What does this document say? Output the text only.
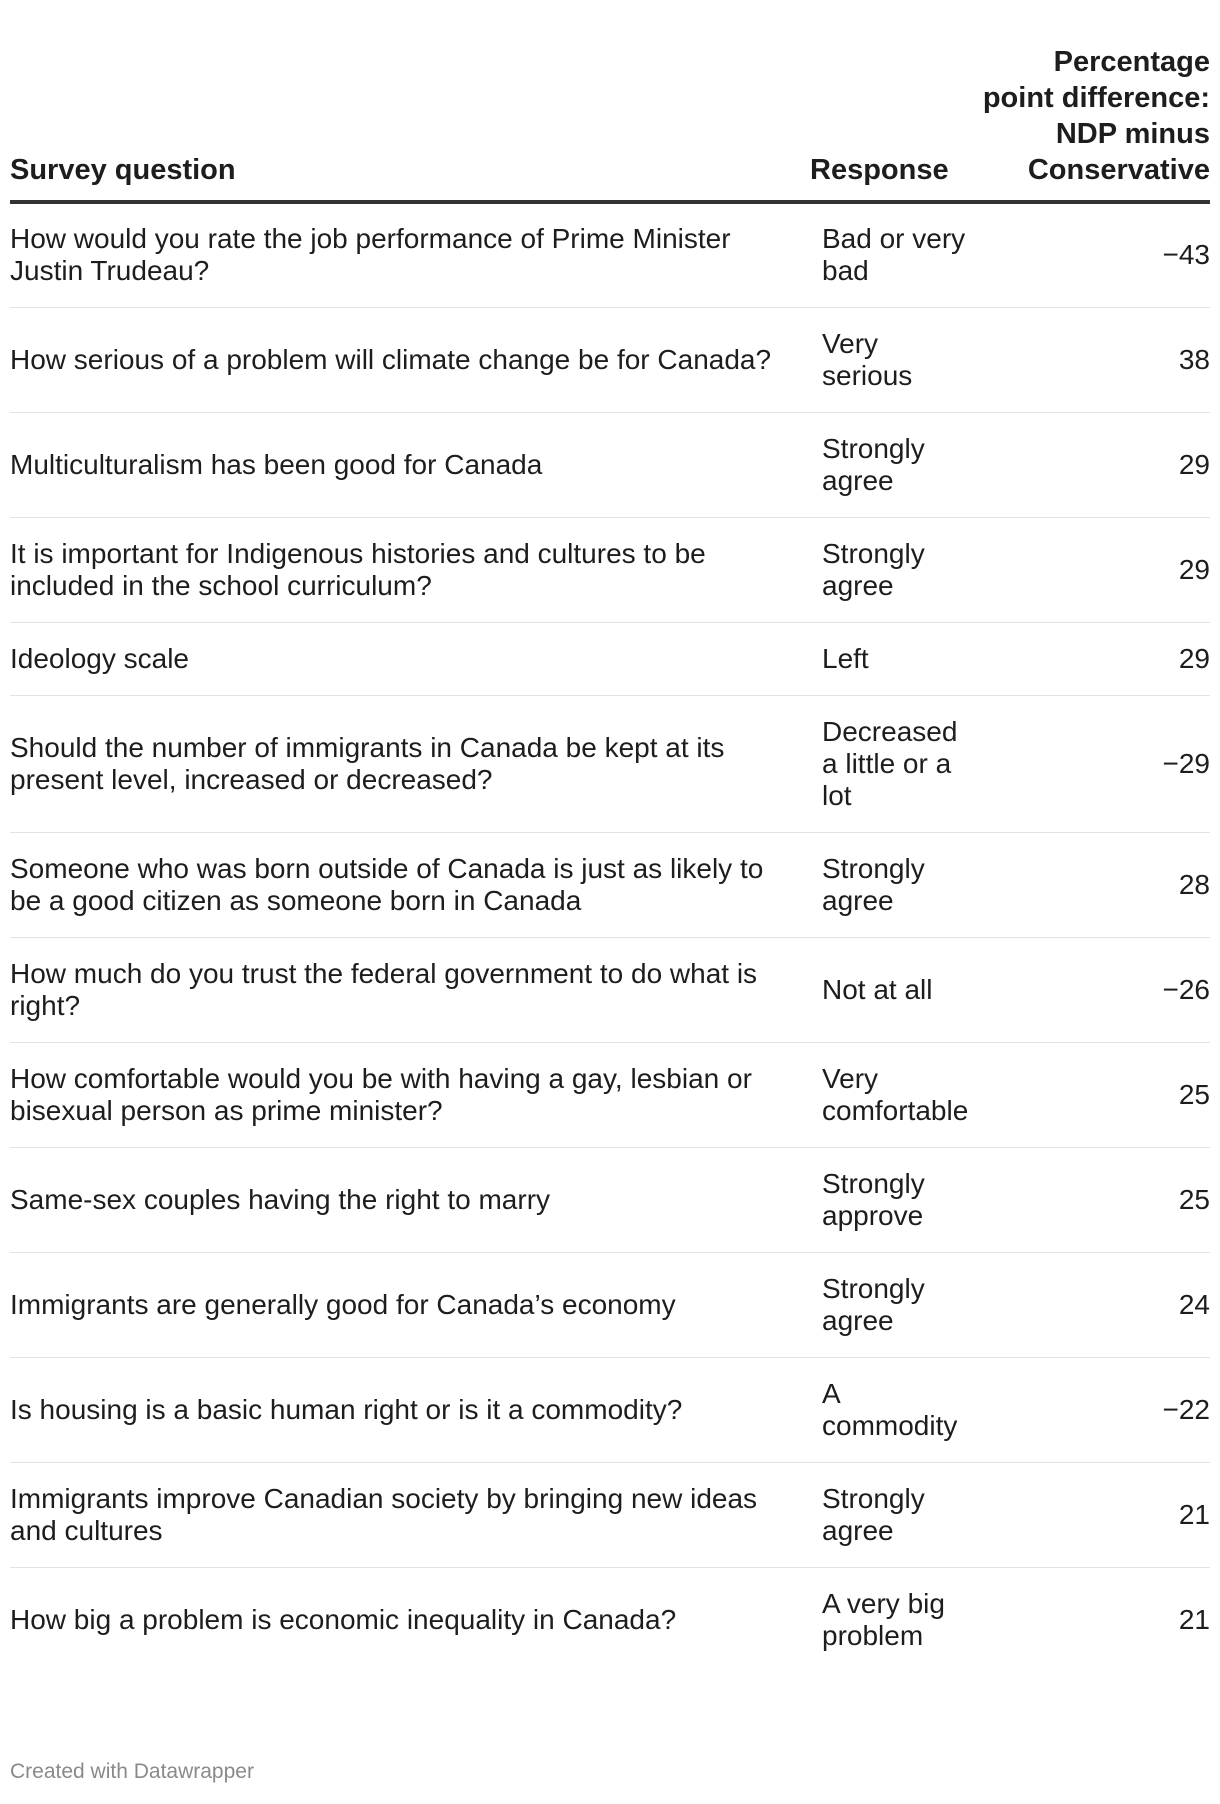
Survey question	Response	Percentage point difference: NDP minus Conservative
How would you rate the job performance of Prime Minister Justin Trudeau?	Bad or very bad	−43
How serious of a problem will climate change be for Canada?	Very serious	38
Multiculturalism has been good for Canada	Strongly agree	29
It is important for Indigenous histories and cultures to be included in the school curriculum?	Strongly agree	29
Ideology scale	Left	29
Should the number of immigrants in Canada be kept at its present level, increased or decreased?	Decreased a little or a lot	−29
Someone who was born outside of Canada is just as likely to be a good citizen as someone born in Canada	Strongly agree	28
How much do you trust the federal government to do what is right?	Not at all	−26
How comfortable would you be with having a gay, lesbian or bisexual person as prime minister?	Very comfortable	25
Same-sex couples having the right to marry	Strongly approve	25
Immigrants are generally good for Canada’s economy	Strongly agree	24
Is housing is a basic human right or is it a commodity?	A commodity	−22
Immigrants improve Canadian society by bringing new ideas and cultures	Strongly agree	21
How big a problem is economic inequality in Canada?	A very big problem	21
Created with Datawrapper
